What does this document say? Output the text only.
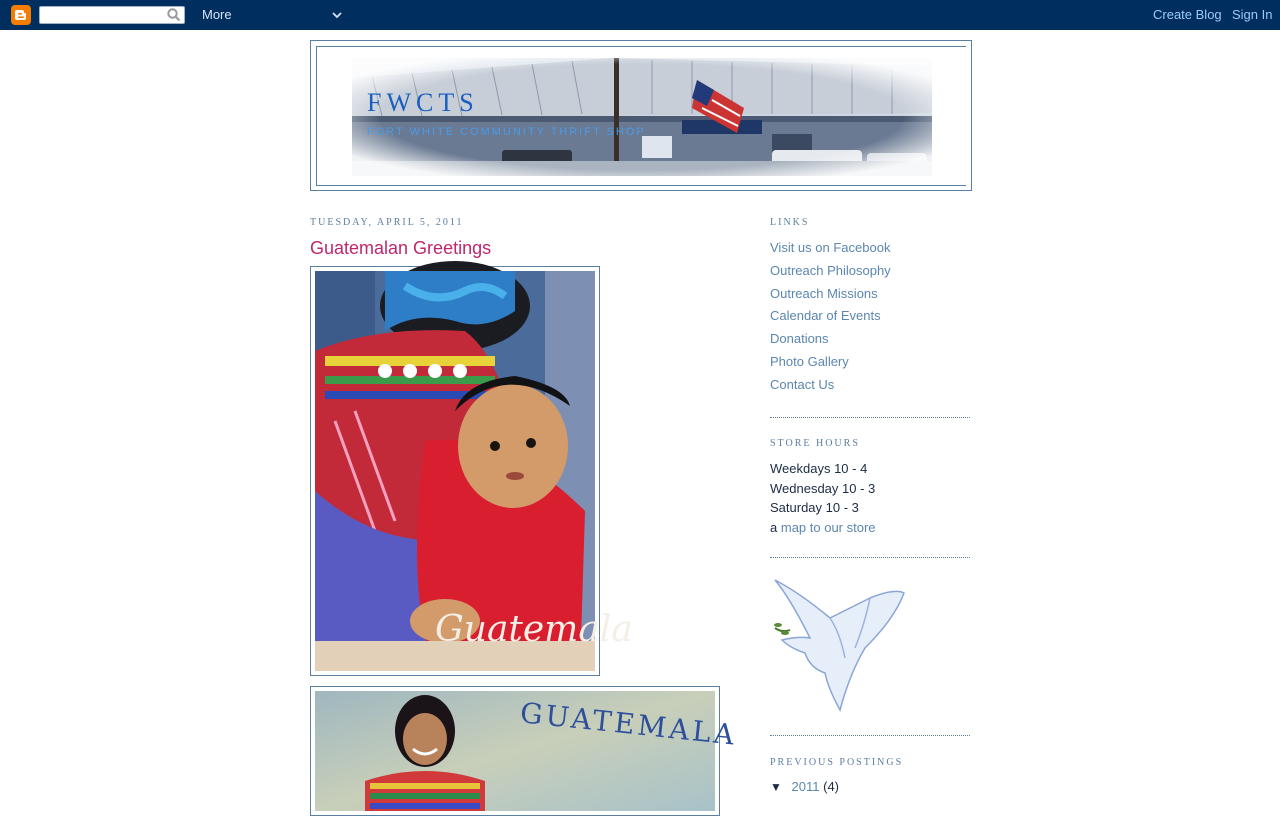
More	Create Blog Sign In
FWCTS
FORT WHITE COMMUNITY THRIFT SHOP
TUESDAY, APRIL 5, 2011
Guatemalan Greetings
Guatemala
GUATEMALA
LINKS
Visit us on Facebook
Outreach Philosophy
Outreach Missions
Calendar of Events
Donations
Photo Gallery
Contact Us
STORE HOURS
Weekdays 10 - 4
Wednesday 10 - 3
Saturday 10 - 3
a map to our store
PREVIOUS POSTINGS
▼ 2011 (4)
